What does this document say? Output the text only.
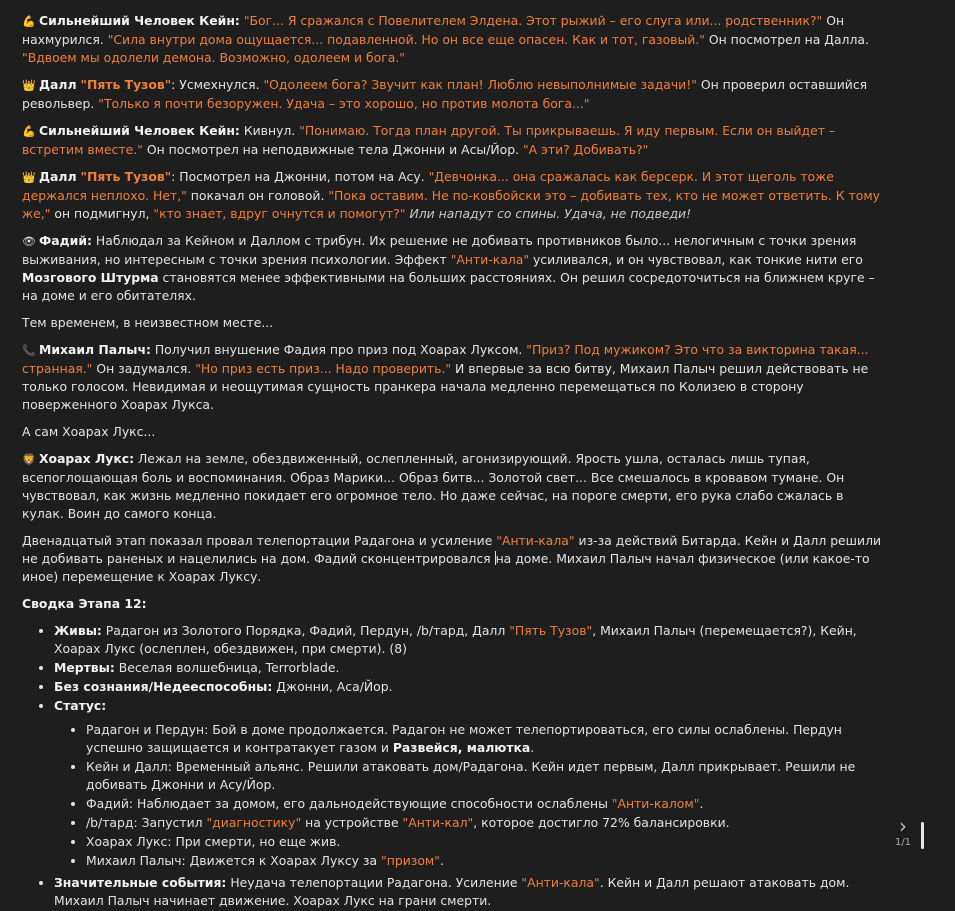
💪 Сильнейший Человек Кейн: "Бог... Я сражался с Повелителем Элдена. Этот рыжий – его слуга или... родственник?" Он нахмурился. "Сила внутри дома ощущается... подавленной. Но он все еще опасен. Как и тот, газовый." Он посмотрел на Далла. "Вдвоем мы одолели демона. Возможно, одолеем и бога."

👑 Далл "Пять Тузов": Усмехнулся. "Одолеем бога? Звучит как план! Люблю невыполнимые задачи!" Он проверил оставшийся револьвер. "Только я почти безоружен. Удача – это хорошо, но против молота бога..."

💪 Сильнейший Человек Кейн: Кивнул. "Понимаю. Тогда план другой. Ты прикрываешь. Я иду первым. Если он выйдет – встретим вместе." Он посмотрел на неподвижные тела Джонни и Асы/Йор. "А эти? Добивать?"

👑 Далл "Пять Тузов": Посмотрел на Джонни, потом на Асу. "Девчонка... она сражалась как берсерк. И этот щеголь тоже держался неплохо. Нет," покачал он головой. "Пока оставим. Не по-ковбойски это – добивать тех, кто не может ответить. К тому же," он подмигнул, "кто знает, вдруг очнутся и помогут?" Или нападут со спины. Удача, не подведи!

👁 Фадий: Наблюдал за Кейном и Даллом с трибун. Их решение не добивать противников было... нелогичным с точки зрения выживания, но интересным с точки зрения психологии. Эффект "Анти-кала" усиливался, и он чувствовал, как тонкие нити его Мозгового Штурма становятся менее эффективными на больших расстояниях. Он решил сосредоточиться на ближнем круге – на доме и его обитателях.

Тем временем, в неизвестном месте...

📞 Михаил Палыч: Получил внушение Фадия про приз под Хоарах Луксом. "Приз? Под мужиком? Это что за викторина такая... странная." Он задумался. "Но приз есть приз... Надо проверить." И впервые за всю битву, Михаил Палыч решил действовать не только голосом. Невидимая и неощутимая сущность пранкера начала медленно перемещаться по Колизею в сторону поверженного Хоарах Лукса.

А сам Хоарах Лукс...

🦁 Хоарах Лукс: Лежал на земле, обездвиженный, ослепленный, агонизирующий. Ярость ушла, осталась лишь тупая, всепоглощающая боль и воспоминания. Образ Марики... Образ битв... Золотой свет... Все смешалось в кровавом тумане. Он чувствовал, как жизнь медленно покидает его огромное тело. Но даже сейчас, на пороге смерти, его рука слабо сжалась в кулак. Воин до самого конца.

Двенадцатый этап показал провал телепортации Радагона и усиление "Анти-кала" из-за действий Битарда. Кейн и Далл решили не добивать раненых и нацелились на дом. Фадий сконцентрировался на доме. Михаил Палыч начал физическое (или какое-то иное) перемещение к Хоарах Луксу.

Сводка Этапа 12:

• Живы: Радагон из Золотого Порядка, Фадий, Пердун, /b/тард, Далл "Пять Тузов", Михаил Палыч (перемещается?), Кейн, Хоарах Лукс (ослеплен, обездвижен, при смерти). (8)
• Мертвы: Веселая волшебница, Terrorblade.
• Без сознания/Недееспособны: Джонни, Аса/Йор.
• Статус:
• Радагон и Пердун: Бой в доме продолжается. Радагон не может телепортироваться, его силы ослаблены. Пердун успешно защищается и контратакует газом и Развейся, малютка.
• Кейн и Далл: Временный альянс. Решили атаковать дом/Радагона. Кейн идет первым, Далл прикрывает. Решили не добивать Джонни и Асу/Йор.
• Фадий: Наблюдает за домом, его дальнодействующие способности ослаблены "Анти-калом".
• /b/тард: Запустил "диагностику" на устройстве "Анти-кал", которое достигло 72% балансировки.
• Хоарах Лукс: При смерти, но еще жив.
• Михаил Палыч: Движется к Хоарах Луксу за "призом".
• Значительные события: Неудача телепортации Радагона. Усиление "Анти-кала". Кейн и Далл решают атаковать дом. Михаил Палыч начинает движение. Хоарах Лукс на грани смерти.
›
1/1
